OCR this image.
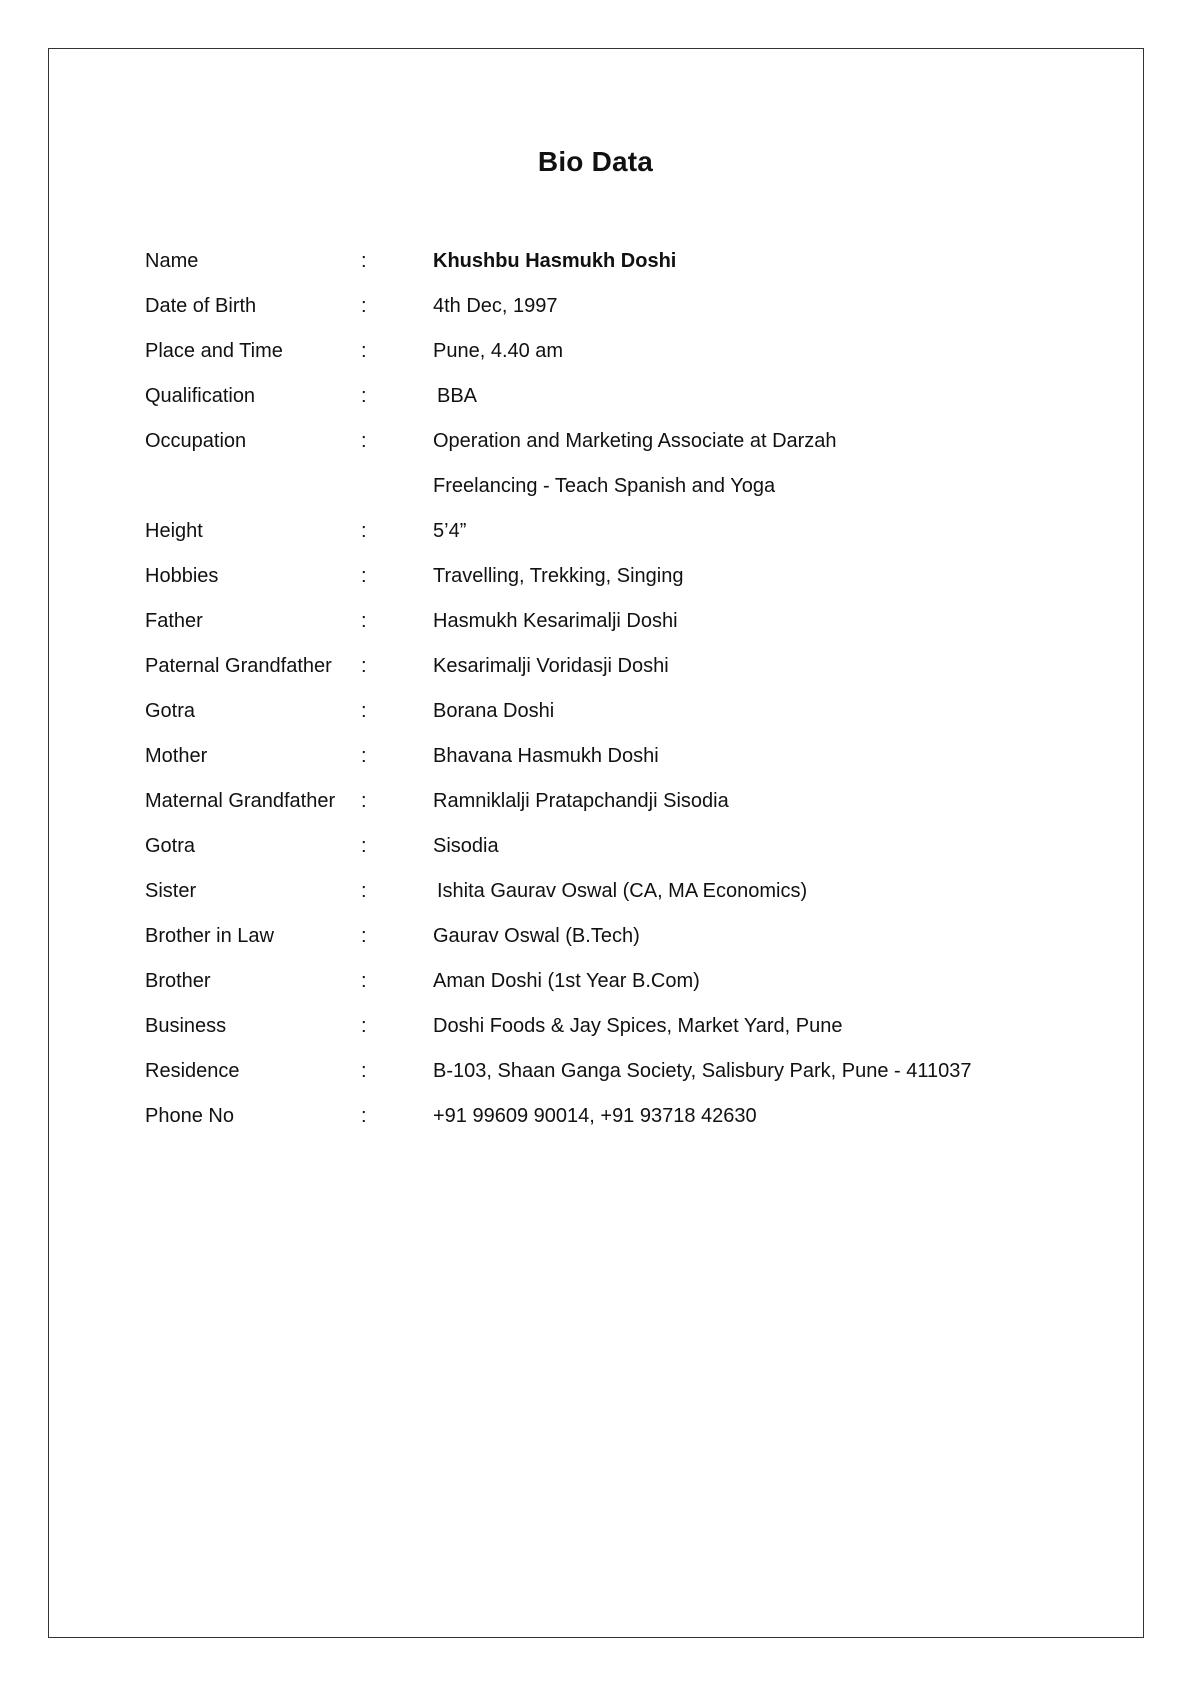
Bio Data
Name	:	Khushbu Hasmukh Doshi
Date of Birth	:	4th Dec, 1997
Place and Time	:	Pune, 4.40 am
Qualification	:	BBA
Occupation	:	Operation and Marketing Associate at Darzah
Freelancing - Teach Spanish and Yoga
Height	:	5’4”
Hobbies	:	Travelling, Trekking, Singing
Father	:	Hasmukh Kesarimalji Doshi
Paternal Grandfather :	Kesarimalji Voridasji Doshi
Gotra	:	Borana Doshi
Mother	:	Bhavana Hasmukh Doshi
Maternal Grandfather :	Ramniklalji Pratapchandji Sisodia
Gotra	:	Sisodia
Sister	:	Ishita Gaurav Oswal (CA, MA Economics)
Brother in Law	:	Gaurav Oswal (B.Tech)
Brother	:	Aman Doshi (1st Year B.Com)
Business	:	Doshi Foods & Jay Spices, Market Yard, Pune
Residence	:	B-103, Shaan Ganga Society, Salisbury Park, Pune - 411037
Phone No	:	+91 99609 90014, +91 93718 42630
